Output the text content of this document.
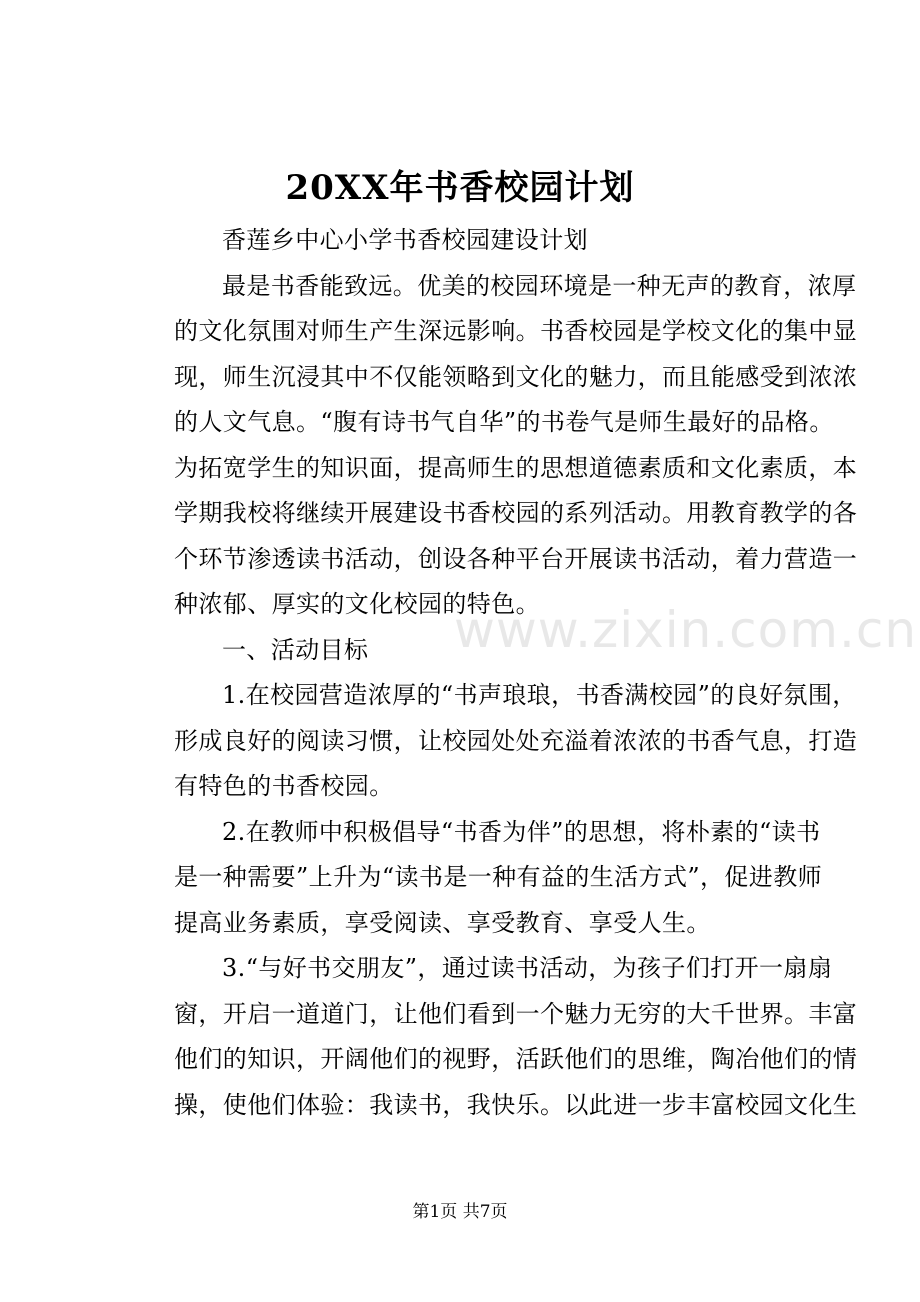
www.zixin.com.cn
20XX年书香校园计划

香莲乡中心小学书香校园建设计划

最是书香能致远。优美的校园环境是一种无声的教育，浓厚
的文化氛围对师生产生深远影响。书香校园是学校文化的集中显
现，师生沉浸其中不仅能领略到文化的魅力，而且能感受到浓浓
的人文气息。“腹有诗书气自华”的书卷气是师生最好的品格。
为拓宽学生的知识面，提高师生的思想道德素质和文化素质，本
学期我校将继续开展建设书香校园的系列活动。用教育教学的各
个环节渗透读书活动，创设各种平台开展读书活动，着力营造一
种浓郁、厚实的文化校园的特色。

一、活动目标

1.在校园营造浓厚的“书声琅琅，书香满校园”的良好氛围，
形成良好的阅读习惯，让校园处处充溢着浓浓的书香气息，打造
有特色的书香校园。

2.在教师中积极倡导“书香为伴”的思想，将朴素的“读书
是一种需要”上升为“读书是一种有益的生活方式”，促进教师
提高业务素质，享受阅读、享受教育、享受人生。

3.“与好书交朋友”，通过读书活动，为孩子们打开一扇扇
窗，开启一道道门，让他们看到一个魅力无穷的大千世界。丰富
他们的知识，开阔他们的视野，活跃他们的思维，陶冶他们的情
操，使他们体验：我读书，我快乐。以此进一步丰富校园文化生

第1页 共7页
